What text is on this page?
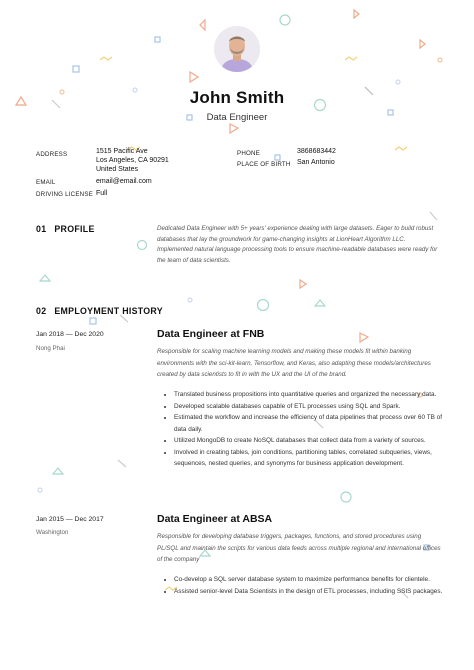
John Smith
Data Engineer
ADDRESS	1515 Pacific Ave
Los Angeles, CA 90291
United States
EMAIL	email@email.com
DRIVING LICENSE Full
PHONE	3868683442
PLACE OF BIRTH San Antonio
01 PROFILE	Dedicated Data Engineer with 5+ years' experience dealing with large datasets. Eager to build robust databases that lay the groundwork for game-changing insights at LionHeart Algorithm LLC. Implemented natural language processing tools to ensure machine-readable databases were ready for the team of data scientists.
02 EMPLOYMENT HISTORY
Jan 2018 — Dec 2020
Nong Phai
Data Engineer at FNB
Responsible for scaling machine learning models and making these models fit within banking environments with the sci-kit-learn, Tensorflow, and Keras, also adapting these models/architectures created by data scientists to fit in with the UX and the UI of the brand.
• Translated business propositions into quantitative queries and organized the necessary data.
• Developed scalable databases capable of ETL processes using SQL and Spark.
• Estimated the workflow and increase the efficiency of data pipelines that process over 60 TB of data daily.
• Utilized MongoDB to create NoSQL databases that collect data from a variety of sources.
• Involved in creating tables, join conditions, partitioning tables, correlated subqueries, views, sequences, nested queries, and synonyms for business application development.
Jan 2015 — Dec 2017
Washington
Data Engineer at ABSA
Responsible for developing database triggers, packages, functions, and stored procedures using PL/SQL and maintain the scripts for various data feeds across multiple regional and international offices of the company
• Co-develop a SQL server database system to maximize performance benefits for clientele.
• Assisted senior-level Data Scientists in the design of ETL processes, including SSIS packages.
